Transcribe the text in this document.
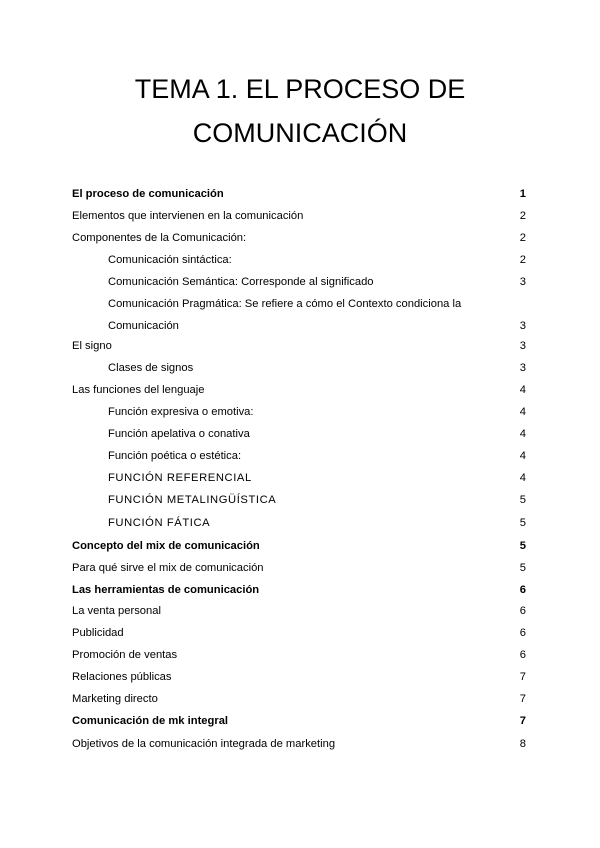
TEMA 1. EL PROCESO DE
COMUNICACIÓN
El proceso de comunicación	1
Elementos que intervienen en la comunicación	2
Componentes de la Comunicación:	2
Comunicación sintáctica:	2
Comunicación Semántica: Corresponde al significado	3
Comunicación Pragmática: Se refiere a cómo el Contexto condiciona la Comunicación	3
El signo	3
Clases de signos	3
Las funciones del lenguaje	4
Función expresiva o emotiva:	4
Función apelativa o conativa	4
Función poética o estética:	4
FUNCIÓN REFERENCIAL	4
FUNCIÓN METALINGÜÍSTICA	5
FUNCIÓN FÁTICA	5
Concepto del mix de comunicación	5
Para qué sirve el mix de comunicación	5
Las herramientas de comunicación	6
La venta personal	6
Publicidad	6
Promoción de ventas	6
Relaciones públicas	7
Marketing directo	7
Comunicación de mk integral	7
Objetivos de la comunicación integrada de marketing	8
